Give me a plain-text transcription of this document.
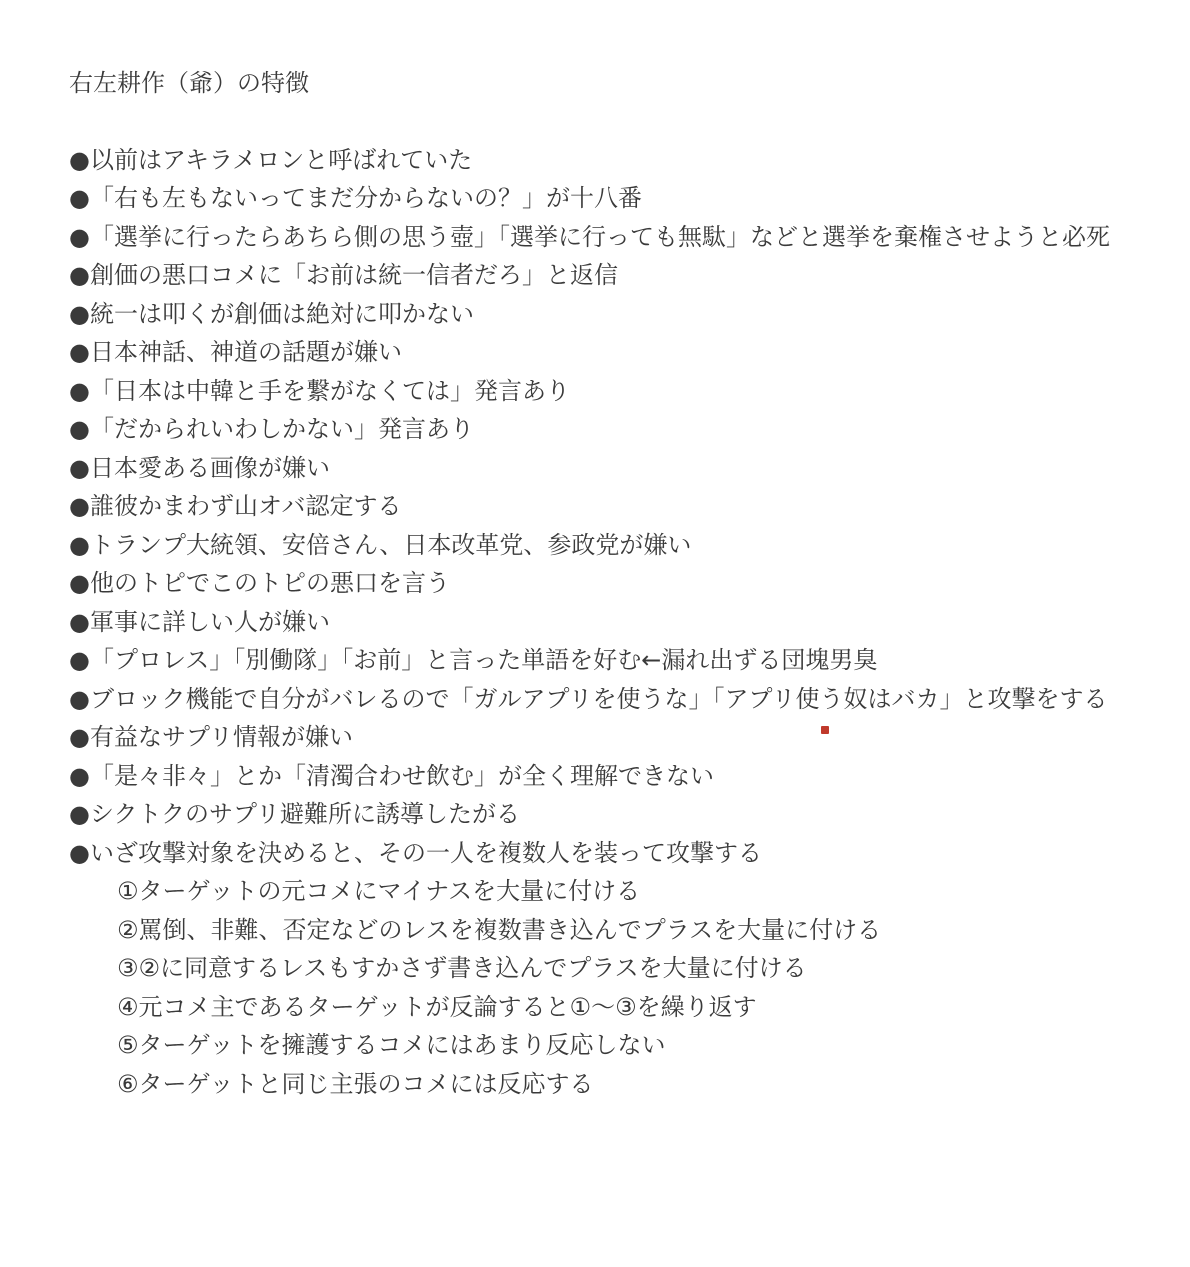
右左耕作（爺）の特徴
●以前はアキラメロンと呼ばれていた
●「右も左もないってまだ分からないの？」が十八番
●「選挙に行ったらあちら側の思う壺」「選挙に行っても無駄」などと選挙を棄権させようと必死
●創価の悪口コメに「お前は統一信者だろ」と返信
●統一は叩くが創価は絶対に叩かない
●日本神話、神道の話題が嫌い
●「日本は中韓と手を繋がなくては」発言あり
●「だかられいわしかない」発言あり
●日本愛ある画像が嫌い
●誰彼かまわず山オバ認定する
●トランプ大統領、安倍さん、日本改革党、参政党が嫌い
●他のトピでこのトピの悪口を言う
●軍事に詳しい人が嫌い
●「プロレス」「別働隊」「お前」と言った単語を好む←漏れ出ずる団塊男臭
●ブロック機能で自分がバレるので「ガルアプリを使うな」「アプリ使う奴はバカ」と攻撃をする
●有益なサプリ情報が嫌い
●「是々非々」とか「清濁合わせ飲む」が全く理解できない
●シクトクのサプリ避難所に誘導したがる
●いざ攻撃対象を決めると、その一人を複数人を装って攻撃する
①ターゲットの元コメにマイナスを大量に付ける
②罵倒、非難、否定などのレスを複数書き込んでプラスを大量に付ける
③②に同意するレスもすかさず書き込んでプラスを大量に付ける
④元コメ主であるターゲットが反論すると①〜③を繰り返す
⑤ターゲットを擁護するコメにはあまり反応しない
⑥ターゲットと同じ主張のコメには反応する
